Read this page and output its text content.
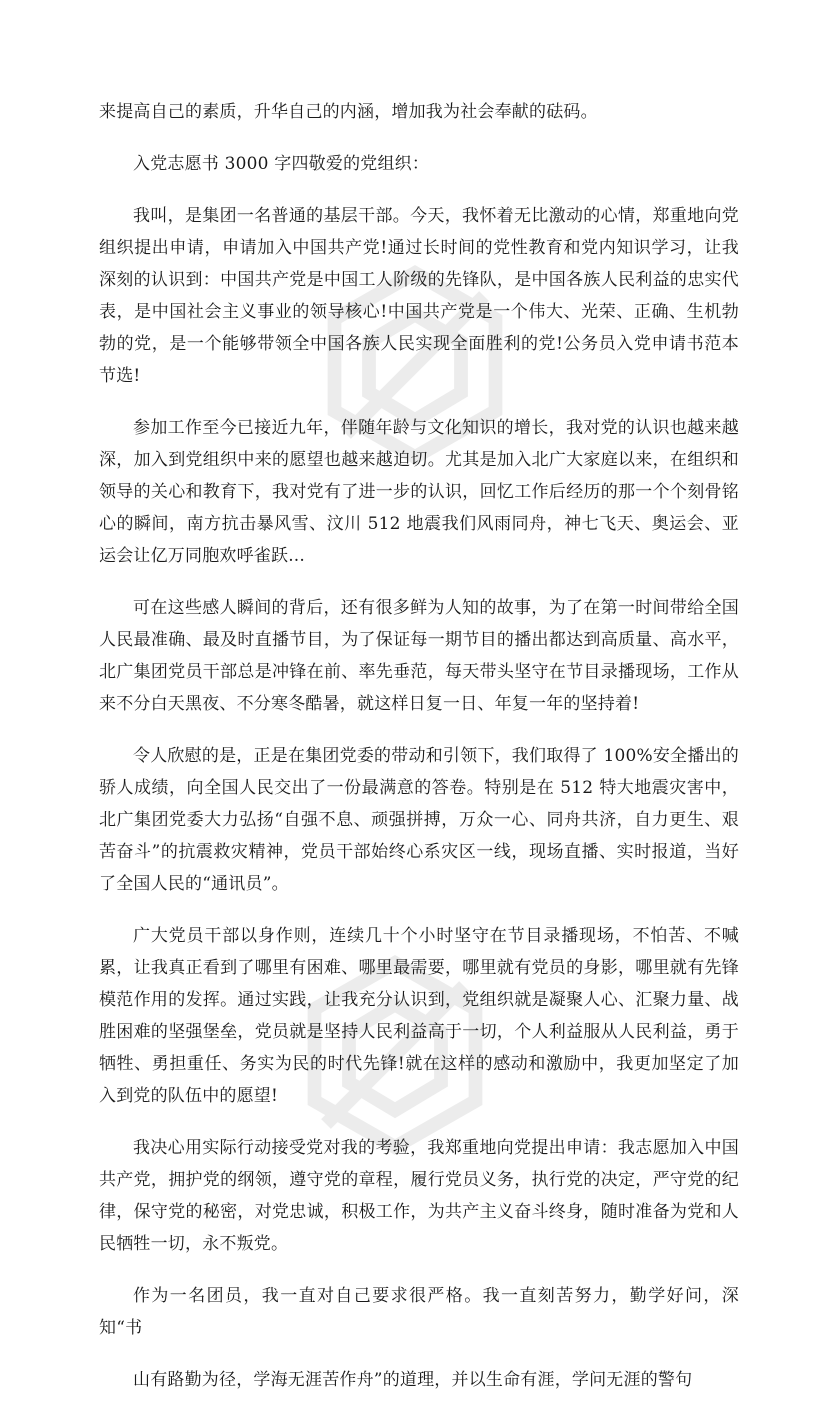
来提高自己的素质，升华自己的内涵，增加我为社会奉献的砝码。

入党志愿书 3000 字四敬爱的党组织：

我叫，是集团一名普通的基层干部。今天，我怀着无比激动的心情，郑重地向党组织提出申请，申请加入中国共产党!通过长时间的党性教育和党内知识学习，让我深刻的认识到：中国共产党是中国工人阶级的先锋队，是中国各族人民利益的忠实代表，是中国社会主义事业的领导核心!中国共产党是一个伟大、光荣、正确、生机勃勃的党，是一个能够带领全中国各族人民实现全面胜利的党!公务员入党申请书范本节选!

参加工作至今已接近九年，伴随年龄与文化知识的增长，我对党的认识也越来越深，加入到党组织中来的愿望也越来越迫切。尤其是加入北广大家庭以来，在组织和领导的关心和教育下，我对党有了进一步的认识，回忆工作后经历的那一个个刻骨铭心的瞬间，南方抗击暴风雪、汶川 512 地震我们风雨同舟，神七飞天、奥运会、亚运会让亿万同胞欢呼雀跃...

可在这些感人瞬间的背后，还有很多鲜为人知的故事，为了在第一时间带给全国人民最准确、最及时直播节目，为了保证每一期节目的播出都达到高质量、高水平，北广集团党员干部总是冲锋在前、率先垂范，每天带头坚守在节目录播现场，工作从来不分白天黑夜、不分寒冬酷暑，就这样日复一日、年复一年的坚持着!

令人欣慰的是，正是在集团党委的带动和引领下，我们取得了 100%安全播出的骄人成绩，向全国人民交出了一份最满意的答卷。特别是在 512 特大地震灾害中，北广集团党委大力弘扬“自强不息、顽强拼搏，万众一心、同舟共济，自力更生、艰苦奋斗”的抗震救灾精神，党员干部始终心系灾区一线，现场直播、实时报道，当好了全国人民的“通讯员”。

广大党员干部以身作则，连续几十个小时坚守在节目录播现场，不怕苦、不喊累，让我真正看到了哪里有困难、哪里最需要，哪里就有党员的身影，哪里就有先锋模范作用的发挥。通过实践，让我充分认识到，党组织就是凝聚人心、汇聚力量、战胜困难的坚强堡垒，党员就是坚持人民利益高于一切，个人利益服从人民利益，勇于牺牲、勇担重任、务实为民的时代先锋!就在这样的感动和激励中，我更加坚定了加入到党的队伍中的愿望!

我决心用实际行动接受党对我的考验，我郑重地向党提出申请：我志愿加入中国共产党，拥护党的纲领，遵守党的章程，履行党员义务，执行党的决定，严守党的纪律，保守党的秘密，对党忠诚，积极工作，为共产主义奋斗终身，随时准备为党和人民牺牲一切，永不叛党。

作为一名团员，我一直对自己要求很严格。我一直刻苦努力，勤学好问，深知“书

山有路勤为径，学海无涯苦作舟”的道理，并以生命有涯，学问无涯的警句
